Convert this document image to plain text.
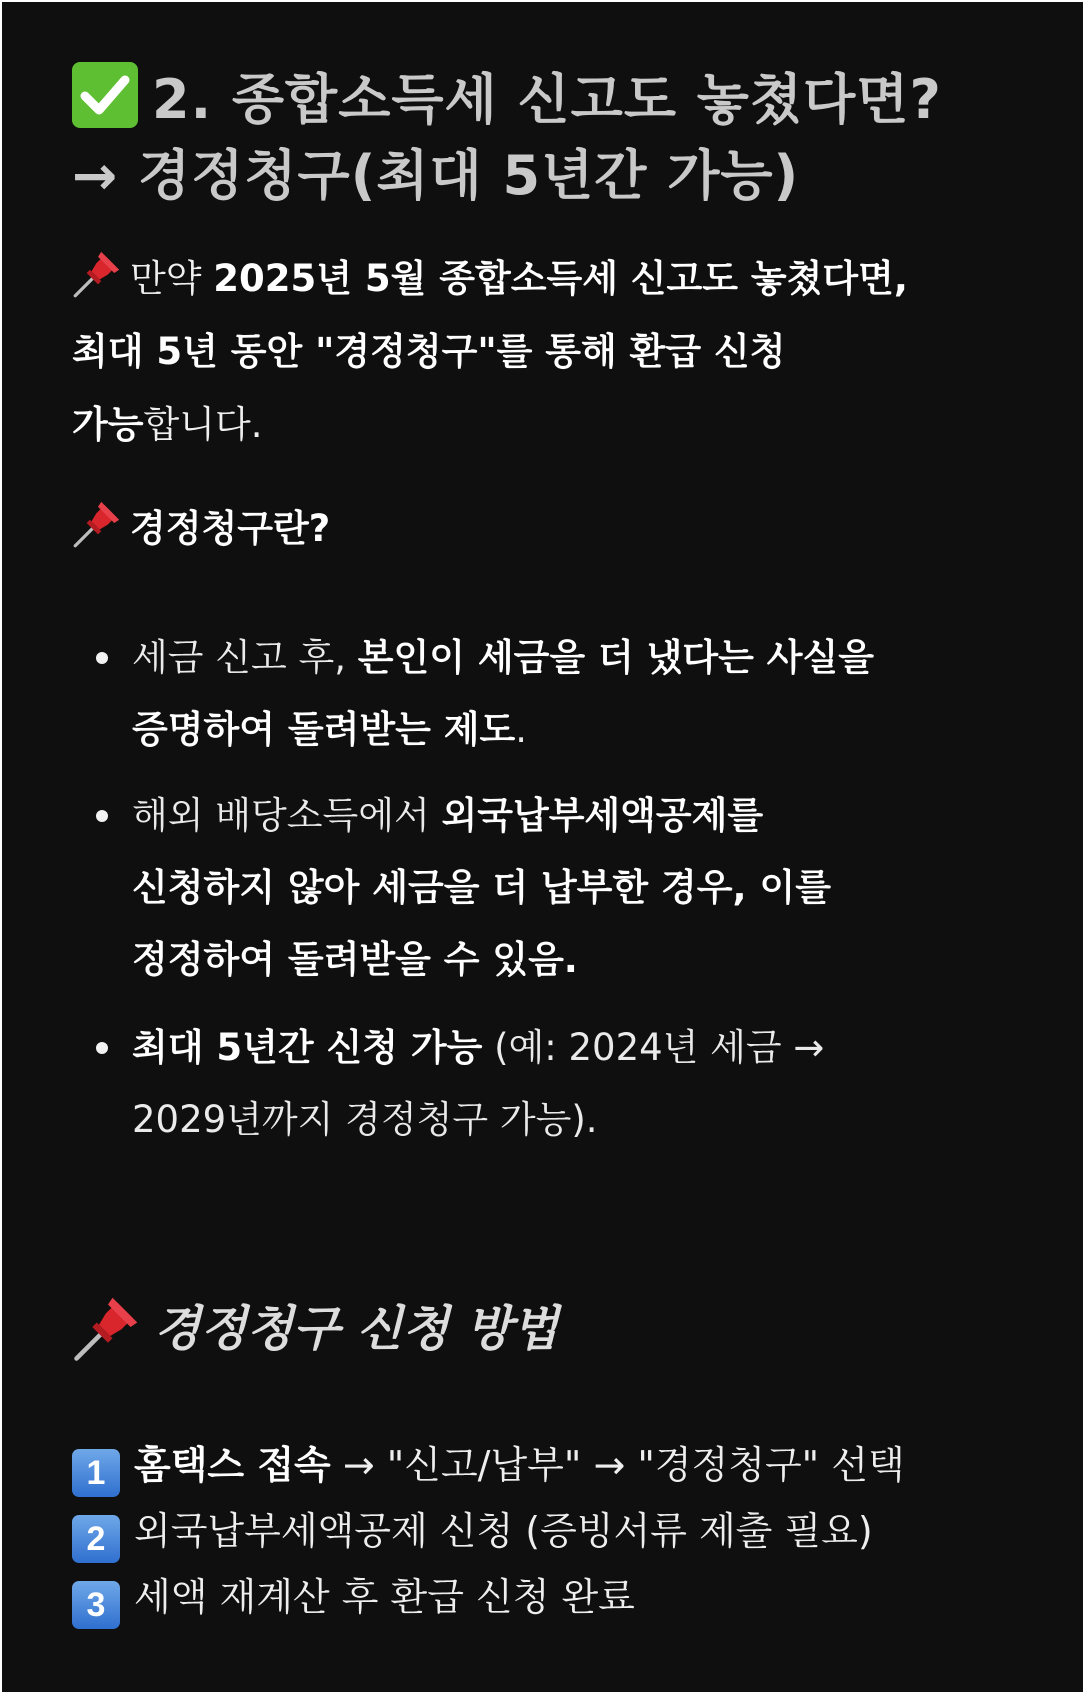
2. 종합소득세 신고도 놓쳤다면?
→ 경정청구(최대 5년간 가능)
만약 2025년 5월 종합소득세 신고도 놓쳤다면,
최대 5년 동안 "경정청구"를 통해 환급 신청
가능합니다.
경정청구란?
세금 신고 후, 본인이 세금을 더 냈다는 사실을
증명하여 돌려받는 제도.
해외 배당소득에서 외국납부세액공제를
신청하지 않아 세금을 더 납부한 경우, 이를
정정하여 돌려받을 수 있음.
최대 5년간 신청 가능 (예: 2024년 세금 →
2029년까지 경정청구 가능).
경정청구 신청 방법
1 홈택스 접속 → "신고/납부" → "경정청구" 선택
2 외국납부세액공제 신청 (증빙서류 제출 필요)
3 세액 재계산 후 환급 신청 완료
